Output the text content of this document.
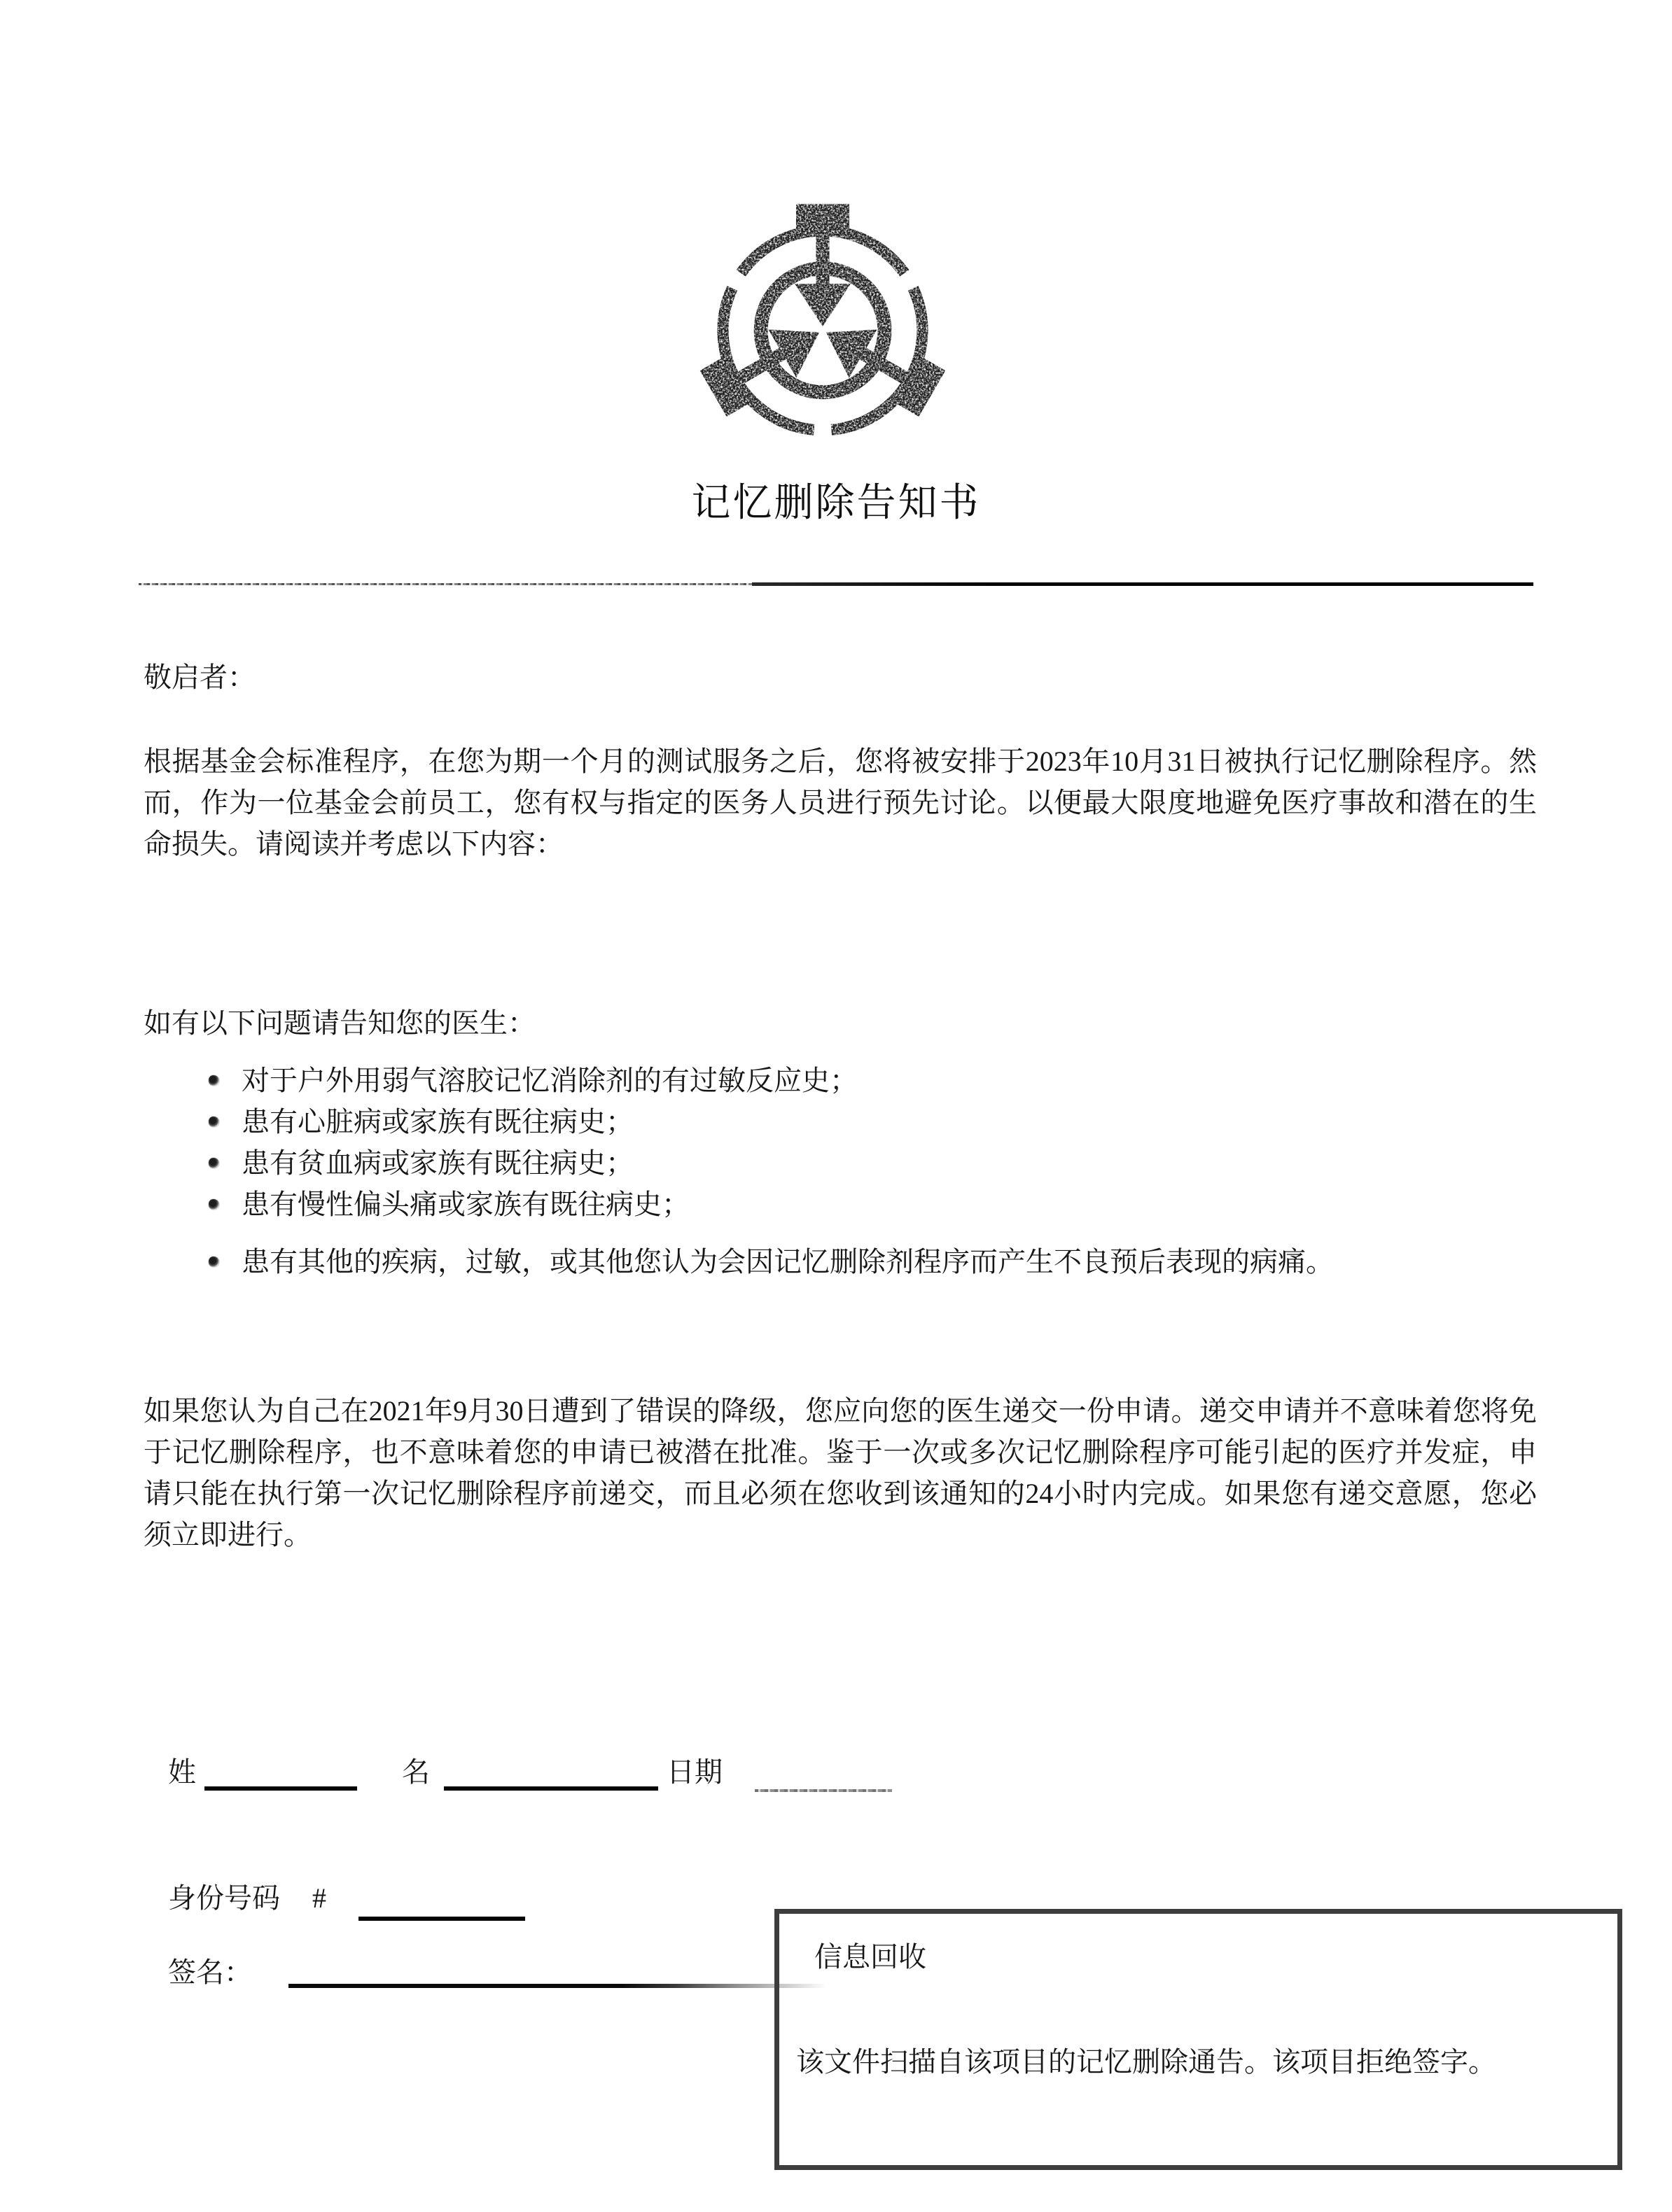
记忆删除告知书
敬启者：
根据基金会标准程序，在您为期一个月的测试服务之后，您将被安排于2023年10月31日被执行记忆删除程序。然而，作为一位基金会前员工，您有权与指定的医务人员进行预先讨论。以便最大限度地避免医疗事故和潜在的生命损失。请阅读并考虑以下内容：
如有以下问题请告知您的医生：
对于户外用弱气溶胶记忆消除剂的有过敏反应史；
患有心脏病或家族有既往病史；
患有贫血病或家族有既往病史；
患有慢性偏头痛或家族有既往病史；
患有其他的疾病，过敏，或其他您认为会因记忆删除剂程序而产生不良预后表现的病痛。
如果您认为自己在2021年9月30日遭到了错误的降级，您应向您的医生递交一份申请。递交申请并不意味着您将免于记忆删除程序，也不意味着您的申请已被潜在批准。鉴于一次或多次记忆删除程序可能引起的医疗并发症，申请只能在执行第一次记忆删除程序前递交，而且必须在您收到该通知的24小时内完成。如果您有递交意愿，您必须立即进行。
姓	名	日期
身份号码 #
签名：	信息回收
该文件扫描自该项目的记忆删除通告。该项目拒绝签字。
